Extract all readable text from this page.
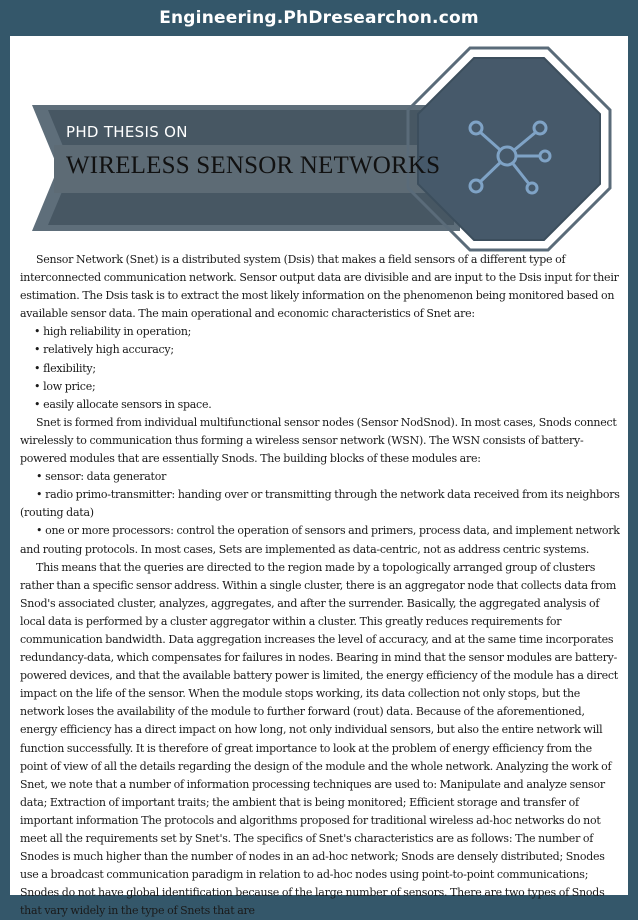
Engineering.PhDresearchon.com
PHD THESIS ON
WIRELESS SENSOR NETWORKS

Sensor Network (Snet) is a distributed system (Dsis) that makes a field sensors of a different type of interconnected communication network. Sensor output data are divisible and are input to the Dsis input for their estimation. The Dsis task is to extract the most likely information on the phenomenon being monitored based on available sensor data. The main operational and economic characteristics of Snet are:

• high reliability in operation;
• relatively high accuracy;
• flexibility;
• low price;
• easily allocate sensors in space.

Snet is formed from individual multifunctional sensor nodes (Sensor NodSnod). In most cases, Snods connect wirelessly to communication thus forming a wireless sensor network (WSN). The WSN consists of battery-powered modules that are essentially Snods. The building blocks of these modules are:

• sensor: data generator

• radio primo-transmitter: handing over or transmitting through the network data received from its neighbors (routing data)

• one or more processors: control the operation of sensors and primers, process data, and implement network and routing protocols. In most cases, Sets are implemented as data-centric, not as address centric systems.

This means that the queries are directed to the region made by a topologically arranged group of clusters rather than a specific sensor address. Within a single cluster, there is an aggregator node that collects data from Snod's associated cluster, analyzes, aggregates, and after the surrender. Basically, the aggregated analysis of local data is performed by a cluster aggregator within a cluster. This greatly reduces requirements for communication bandwidth. Data aggregation increases the level of accuracy, and at the same time incorporates redundancy-data, which compensates for failures in nodes. Bearing in mind that the sensor modules are battery-powered devices, and that the available battery power is limited, the energy efficiency of the module has a direct impact on the life of the sensor. When the module stops working, its data collection not only stops, but the network loses the availability of the module to further forward (rout) data. Because of the aforementioned, energy efficiency has a direct impact on how long, not only individual sensors, but also the entire network will function successfully. It is therefore of great importance to look at the problem of energy efficiency from the point of view of all the details regarding the design of the module and the whole network. Analyzing the work of Snet, we note that a number of information processing techniques are used to: Manipulate and analyze sensor data; Extraction of important traits; the ambient that is being monitored; Efficient storage and transfer of important information The protocols and algorithms proposed for traditional wireless ad-hoc networks do not meet all the requirements set by Snet's. The specifics of Snet's characteristics are as follows: The number of Snodes is much higher than the number of nodes in an ad-hoc network; Snods are densely distributed; Snodes use a broadcast communication paradigm in relation to ad-hoc nodes using point-to-point communications; Snodes do not have global identification because of the large number of sensors. There are two types of Snods that vary widely in the type of Snets that are
